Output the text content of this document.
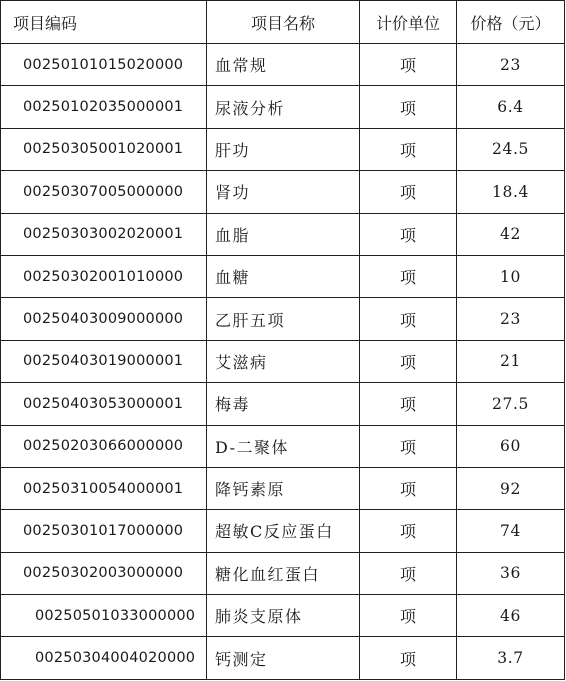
项目编码	项目名称	计价单位	价格（元）
00250101015020000	血常规	项	23
00250102035000001	尿液分析	项	6.4
00250305001020001	肝功	项	24.5
00250307005000000	肾功	项	18.4
00250303002020001	血脂	项	42
00250302001010000	血糖	项	10
00250403009000000	乙肝五项	项	23
00250403019000001	艾滋病	项	21
00250403053000001	梅毒	项	27.5
00250203066000000	D-二聚体	项	60
00250310054000001	降钙素原	项	92
00250301017000000	超敏C反应蛋白	项	74
00250302003000000	糖化血红蛋白	项	36
00250501033000000	肺炎支原体	项	46
00250304004020000	钙测定	项	3.7
